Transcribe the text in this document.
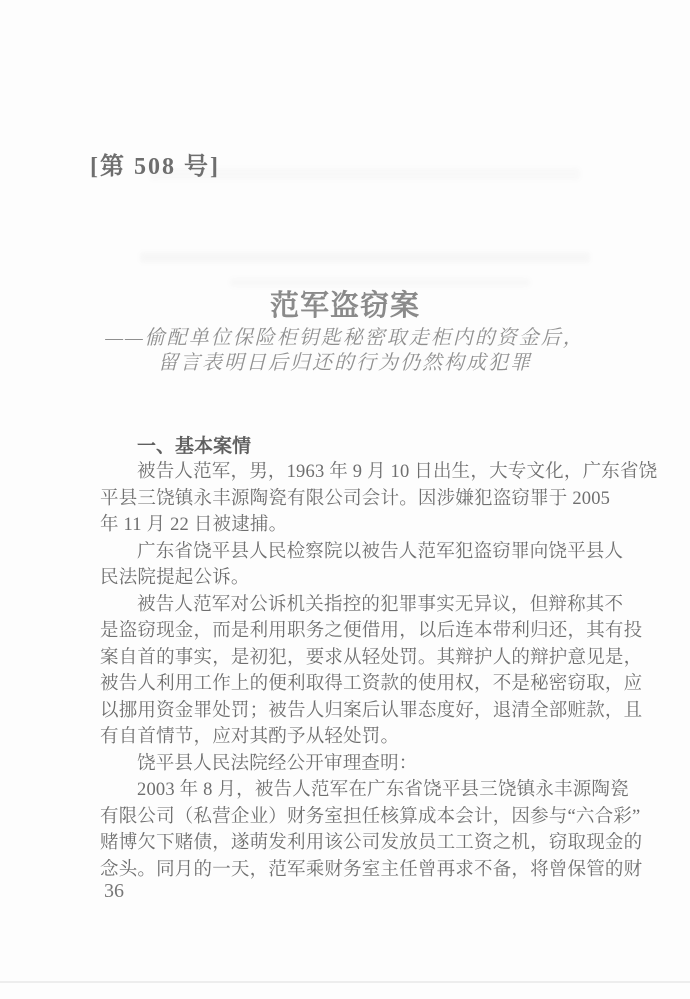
[第 508 号]
范军盗窃案
——偷配单位保险柜钥匙秘密取走柜内的资金后，
留言表明日后归还的行为仍然构成犯罪
一、基本案情
被告人范军，男，1963 年 9 月 10 日出生，大专文化，广东省饶
平县三饶镇永丰源陶瓷有限公司会计。因涉嫌犯盗窃罪于 2005
年 11 月 22 日被逮捕。
广东省饶平县人民检察院以被告人范军犯盗窃罪向饶平县人
民法院提起公诉。
被告人范军对公诉机关指控的犯罪事实无异议，但辩称其不
是盗窃现金，而是利用职务之便借用，以后连本带利归还，其有投
案自首的事实，是初犯，要求从轻处罚。其辩护人的辩护意见是，
被告人利用工作上的便利取得工资款的使用权，不是秘密窃取，应
以挪用资金罪处罚；被告人归案后认罪态度好，退清全部赃款，且
有自首情节，应对其酌予从轻处罚。
饶平县人民法院经公开审理查明：
2003 年 8 月，被告人范军在广东省饶平县三饶镇永丰源陶瓷
有限公司（私营企业）财务室担任核算成本会计，因参与“六合彩”
赌博欠下赌债，遂萌发利用该公司发放员工工资之机，窃取现金的
念头。同月的一天，范军乘财务室主任曾再求不备，将曾保管的财
36
